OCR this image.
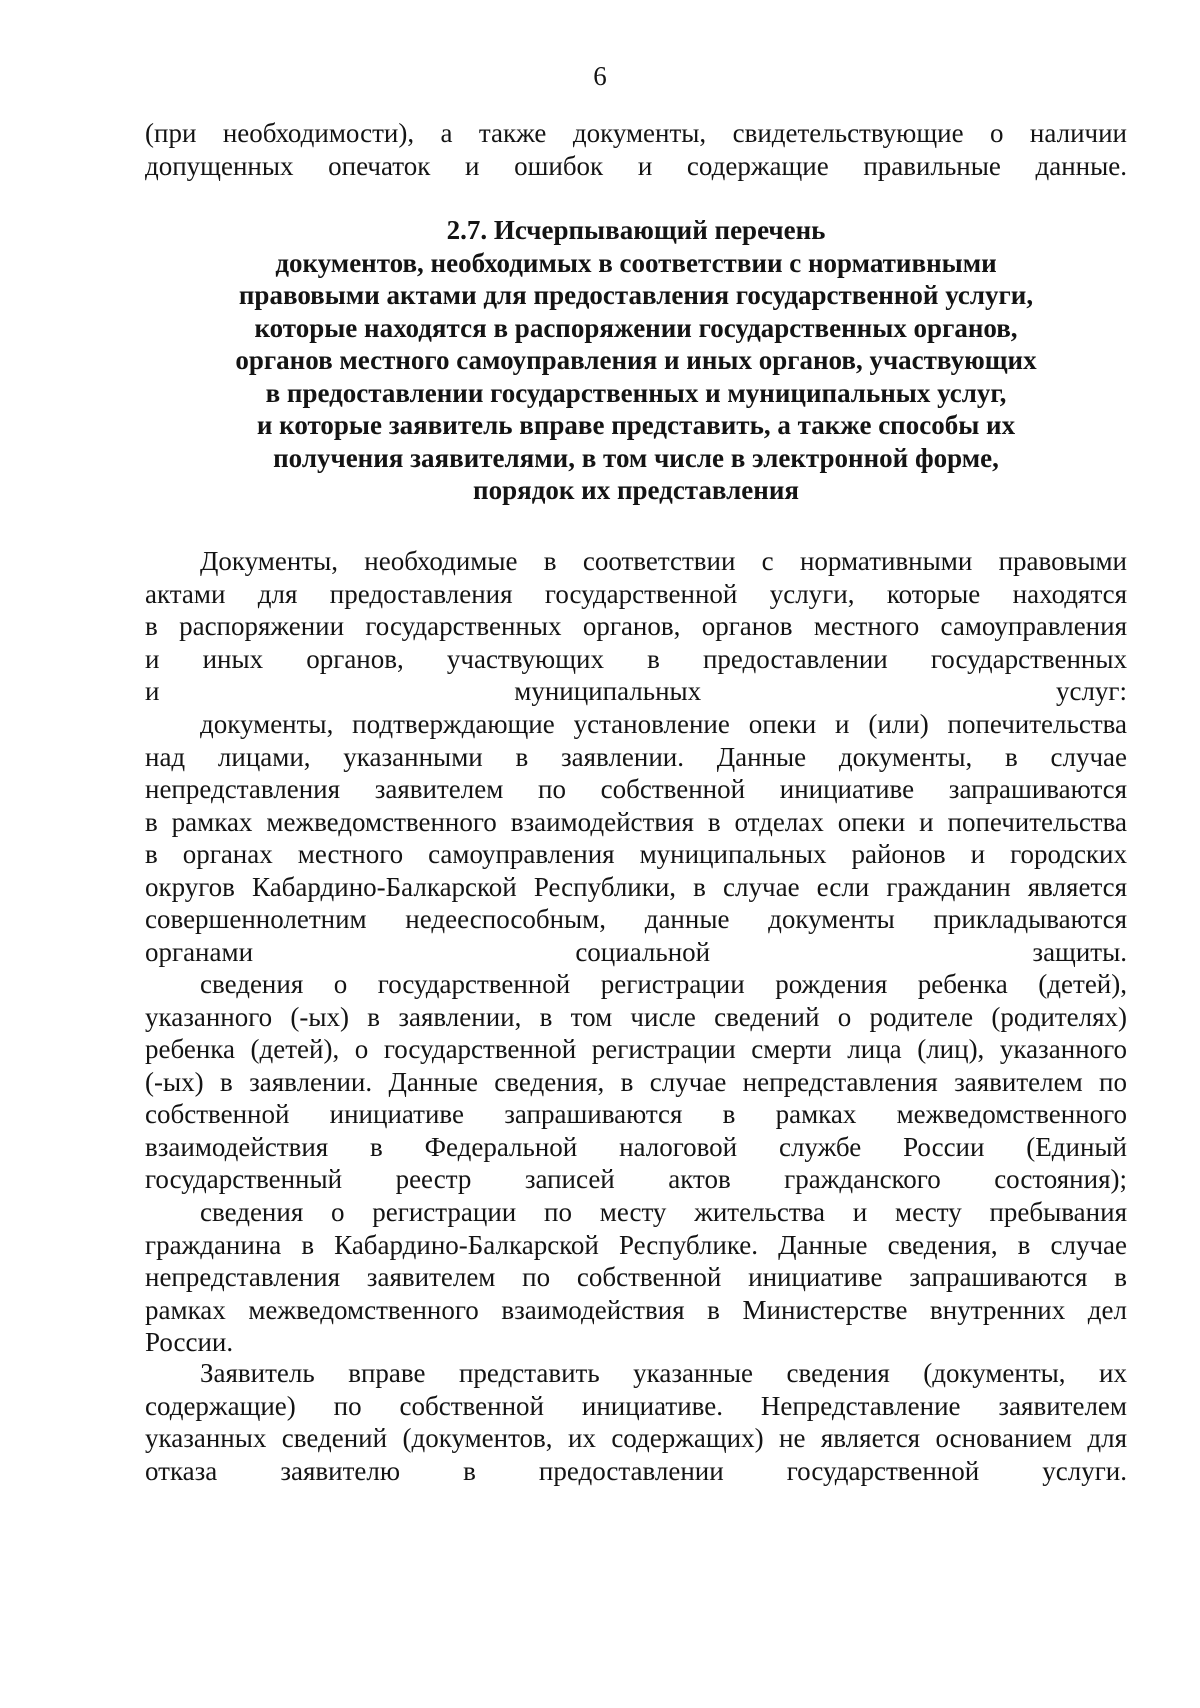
6
(при необходимости), а также документы, свидетельствующие о наличии
допущенных опечаток и ошибок и содержащие правильные данные.
2.7. Исчерпывающий перечень
документов, необходимых в соответствии с нормативными
правовыми актами для предоставления государственной услуги,
которые находятся в распоряжении государственных органов,
органов местного самоуправления и иных органов, участвующих
в предоставлении государственных и муниципальных услуг,
и которые заявитель вправе представить, а также способы их
получения заявителями, в том числе в электронной форме,
порядок их представления
Документы, необходимые в соответствии с нормативными правовыми
актами для предоставления государственной услуги, которые находятся
в распоряжении государственных органов, органов местного самоуправления
и иных органов, участвующих в предоставлении государственных
и муниципальных услуг:
документы, подтверждающие установление опеки и (или) попечительства
над лицами, указанными в заявлении. Данные документы, в случае
непредставления заявителем по собственной инициативе запрашиваются
в рамках межведомственного взаимодействия в отделах опеки и попечительства
в органах местного самоуправления муниципальных районов и городских
округов Кабардино-Балкарской Республики, в случае если гражданин является
совершеннолетним недееспособным, данные документы прикладываются
органами социальной защиты.
сведения о государственной регистрации рождения ребенка (детей),
указанного (-ых) в заявлении, в том числе сведений о родителе (родителях)
ребенка (детей), о государственной регистрации смерти лица (лиц), указанного
(-ых) в заявлении. Данные сведения, в случае непредставления заявителем по
собственной инициативе запрашиваются в рамках межведомственного
взаимодействия в Федеральной налоговой службе России (Единый
государственный реестр записей актов гражданского состояния);
сведения о регистрации по месту жительства и месту пребывания
гражданина в Кабардино-Балкарской Республике. Данные сведения, в случае
непредставления заявителем по собственной инициативе запрашиваются в
рамках межведомственного взаимодействия в Министерстве внутренних дел
России.
Заявитель вправе представить указанные сведения (документы, их
содержащие) по собственной инициативе. Непредставление заявителем
указанных сведений (документов, их содержащих) не является основанием для
отказа заявителю в предоставлении государственной услуги.
